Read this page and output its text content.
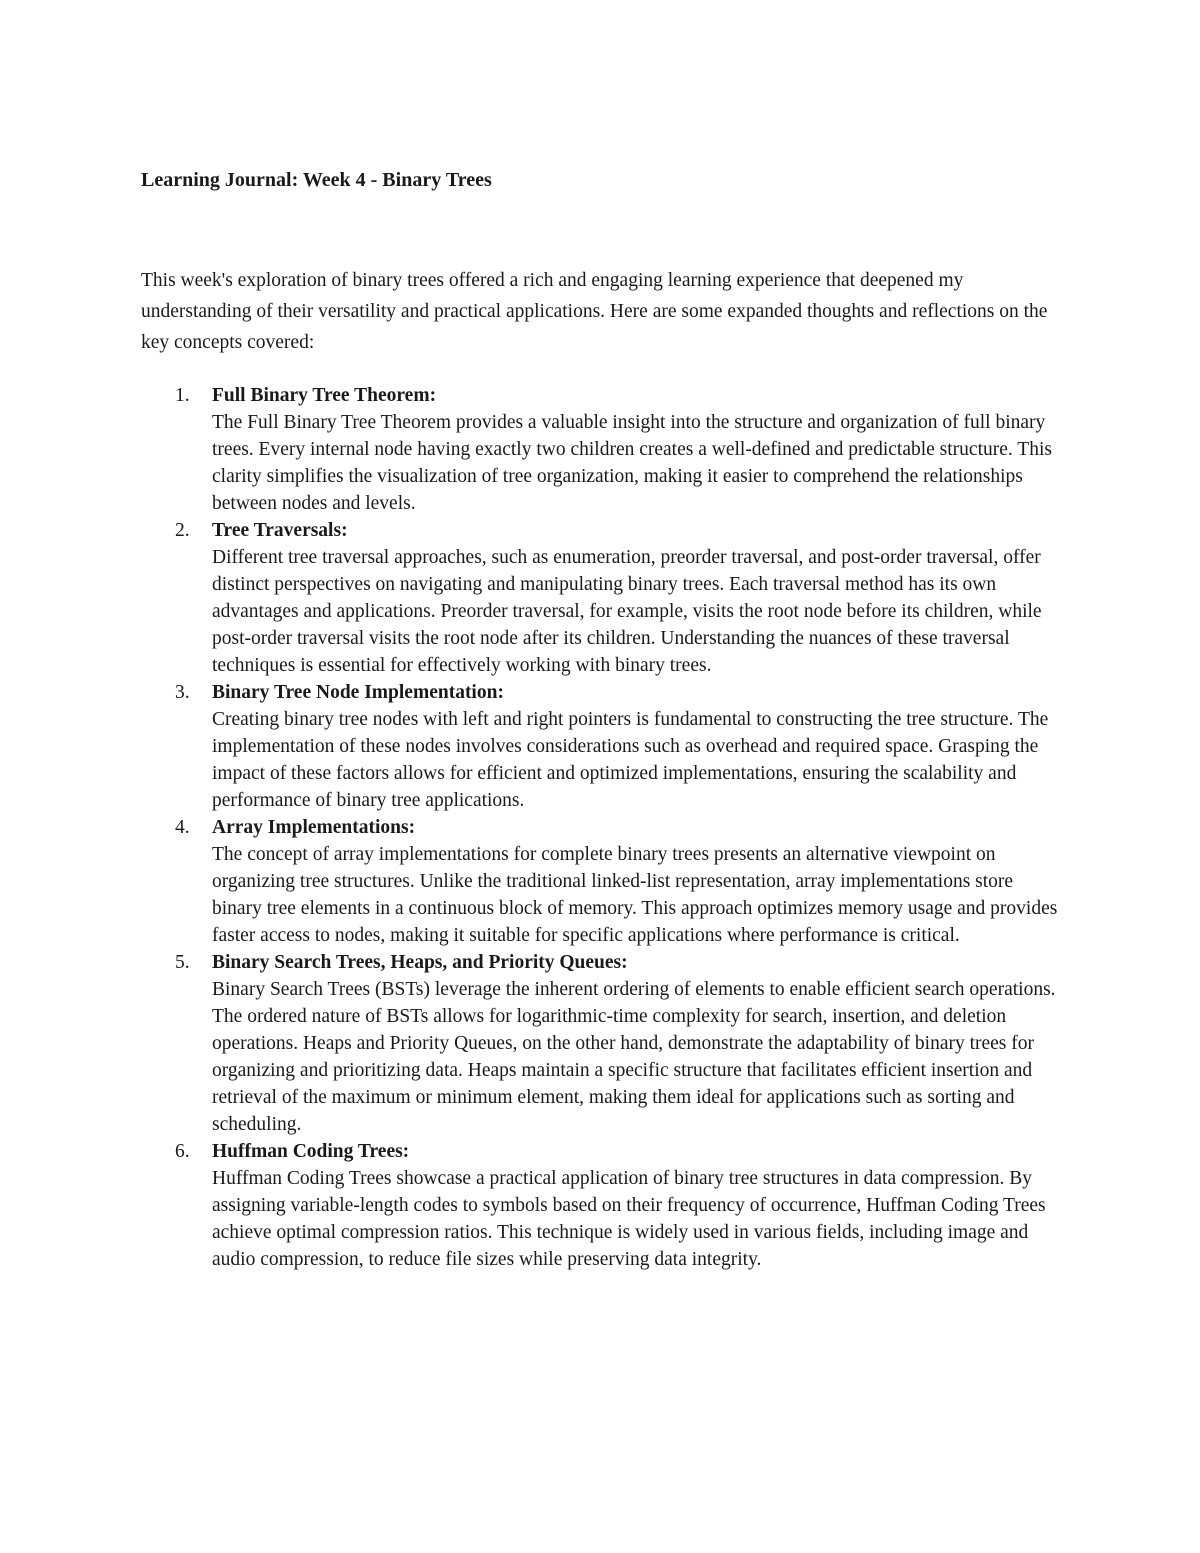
Learning Journal: Week 4 - Binary Trees

This week's exploration of binary trees offered a rich and engaging learning experience that deepened my understanding of their versatility and practical applications. Here are some expanded thoughts and reflections on the key concepts covered:

1. Full Binary Tree Theorem:
The Full Binary Tree Theorem provides a valuable insight into the structure and organization of full binary trees. Every internal node having exactly two children creates a well-defined and predictable structure. This clarity simplifies the visualization of tree organization, making it easier to comprehend the relationships between nodes and levels.
2. Tree Traversals:
Different tree traversal approaches, such as enumeration, preorder traversal, and post-order traversal, offer distinct perspectives on navigating and manipulating binary trees. Each traversal method has its own advantages and applications. Preorder traversal, for example, visits the root node before its children, while post-order traversal visits the root node after its children. Understanding the nuances of these traversal techniques is essential for effectively working with binary trees.
3. Binary Tree Node Implementation:
Creating binary tree nodes with left and right pointers is fundamental to constructing the tree structure. The implementation of these nodes involves considerations such as overhead and required space. Grasping the impact of these factors allows for efficient and optimized implementations, ensuring the scalability and performance of binary tree applications.
4. Array Implementations:
The concept of array implementations for complete binary trees presents an alternative viewpoint on organizing tree structures. Unlike the traditional linked-list representation, array implementations store binary tree elements in a continuous block of memory. This approach optimizes memory usage and provides faster access to nodes, making it suitable for specific applications where performance is critical.
5. Binary Search Trees, Heaps, and Priority Queues:
Binary Search Trees (BSTs) leverage the inherent ordering of elements to enable efficient search operations. The ordered nature of BSTs allows for logarithmic-time complexity for search, insertion, and deletion operations. Heaps and Priority Queues, on the other hand, demonstrate the adaptability of binary trees for organizing and prioritizing data. Heaps maintain a specific structure that facilitates efficient insertion and retrieval of the maximum or minimum element, making them ideal for applications such as sorting and scheduling.
6. Huffman Coding Trees:
Huffman Coding Trees showcase a practical application of binary tree structures in data compression. By assigning variable-length codes to symbols based on their frequency of occurrence, Huffman Coding Trees achieve optimal compression ratios. This technique is widely used in various fields, including image and audio compression, to reduce file sizes while preserving data integrity.
